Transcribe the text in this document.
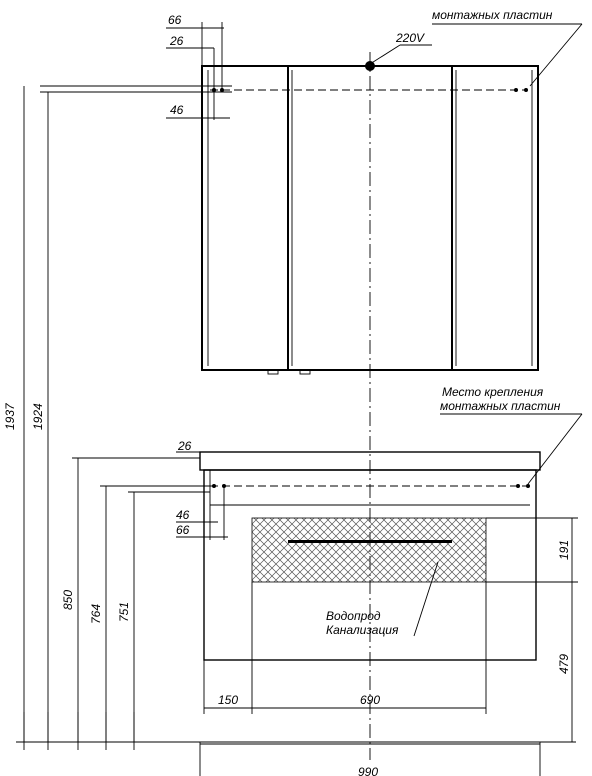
220V
монтажных пластин
66
26
46
1937 1924
Место крепления
монтажных пластин
Водопрод
Канализация
26
46
66
850
764 751
191
479
150	690
990
